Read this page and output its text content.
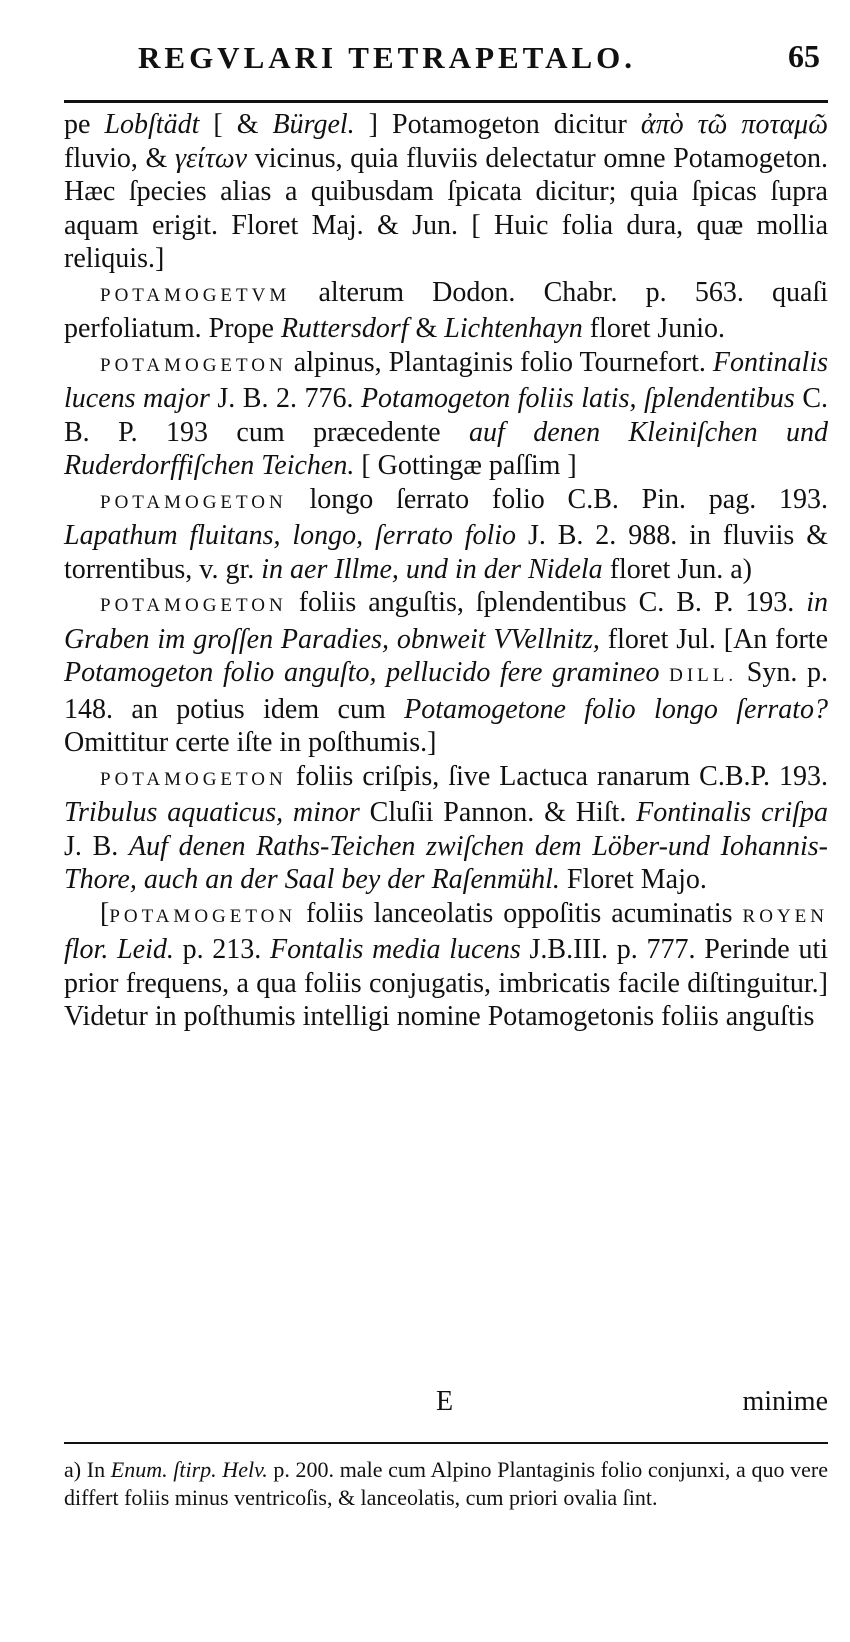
REGVLARI TETRAPETALO.	65

pe Lobſtädt [ & Bürgel. ] Potamogeton dicitur ἀπὸ τῶ ποταμῶ fluvio, & γείτων vicinus, quia fluviis delectatur omne Potamogeton. Hæc ſpecies alias a quibusdam ſpicata dicitur; quia ſpicas ſupra aquam erigit. Floret Maj. & Jun. [ Huic folia dura, quæ mollia reliquis.]

POTAMOGETVM alterum Dodon. Chabr. p. 563. quaſi perfoliatum. Prope Ruttersdorf & Lichtenhayn floret Junio.

POTAMOGETON alpinus, Plantaginis folio Tournefort. Fontinalis lucens major J. B. 2. 776. Potamogeton foliis latis, ſplendentibus C. B. P. 193 cum præcedente auf denen Kleiniſchen und Ruderdorffiſchen Teichen. [ Gottingæ paſſim ]

POTAMOGETON longo ſerrato folio C.B. Pin. pag. 193. Lapathum fluitans, longo, ſerrato folio J. B. 2. 988. in fluviis & torrentibus, v. gr. in aer Illme, und in der Nidela floret Jun. a)

POTAMOGETON foliis anguſtis, ſplendentibus C. B. P. 193. in Graben im groſſen Paradies, obnweit VVellnitz, floret Jul. [An forte Potamogeton folio anguſto, pellucido fere gramineo DILL. Syn. p. 148. an potius idem cum Potamogetone folio longo ſerrato? Omittitur certe iſte in poſthumis.]

POTAMOGETON foliis criſpis, ſive Lactuca ranarum C.B.P. 193. Tribulus aquaticus, minor Cluſii Pannon. & Hiſt. Fontinalis criſpa J. B. Auf denen Raths-Teichen zwiſchen dem Löber-und Iohannis-Thore, auch an der Saal bey der Raſenmühl. Floret Majo.

[POTAMOGETON foliis lanceolatis oppoſitis acuminatis ROYEN flor. Leid. p. 213. Fontalis media lucens J.B.III. p. 777. Perinde uti prior frequens, a qua foliis conjugatis, imbricatis facile diſtinguitur.] Videtur in poſthumis intelligi nomine Potamogetonis foliis anguſtis

E	minime

a) In Enum. ſtirp. Helv. p. 200. male cum Alpino Plantaginis folio conjunxi, a quo vere differt foliis minus ventricoſis, & lanceolatis, cum priori ovalia ſint.
